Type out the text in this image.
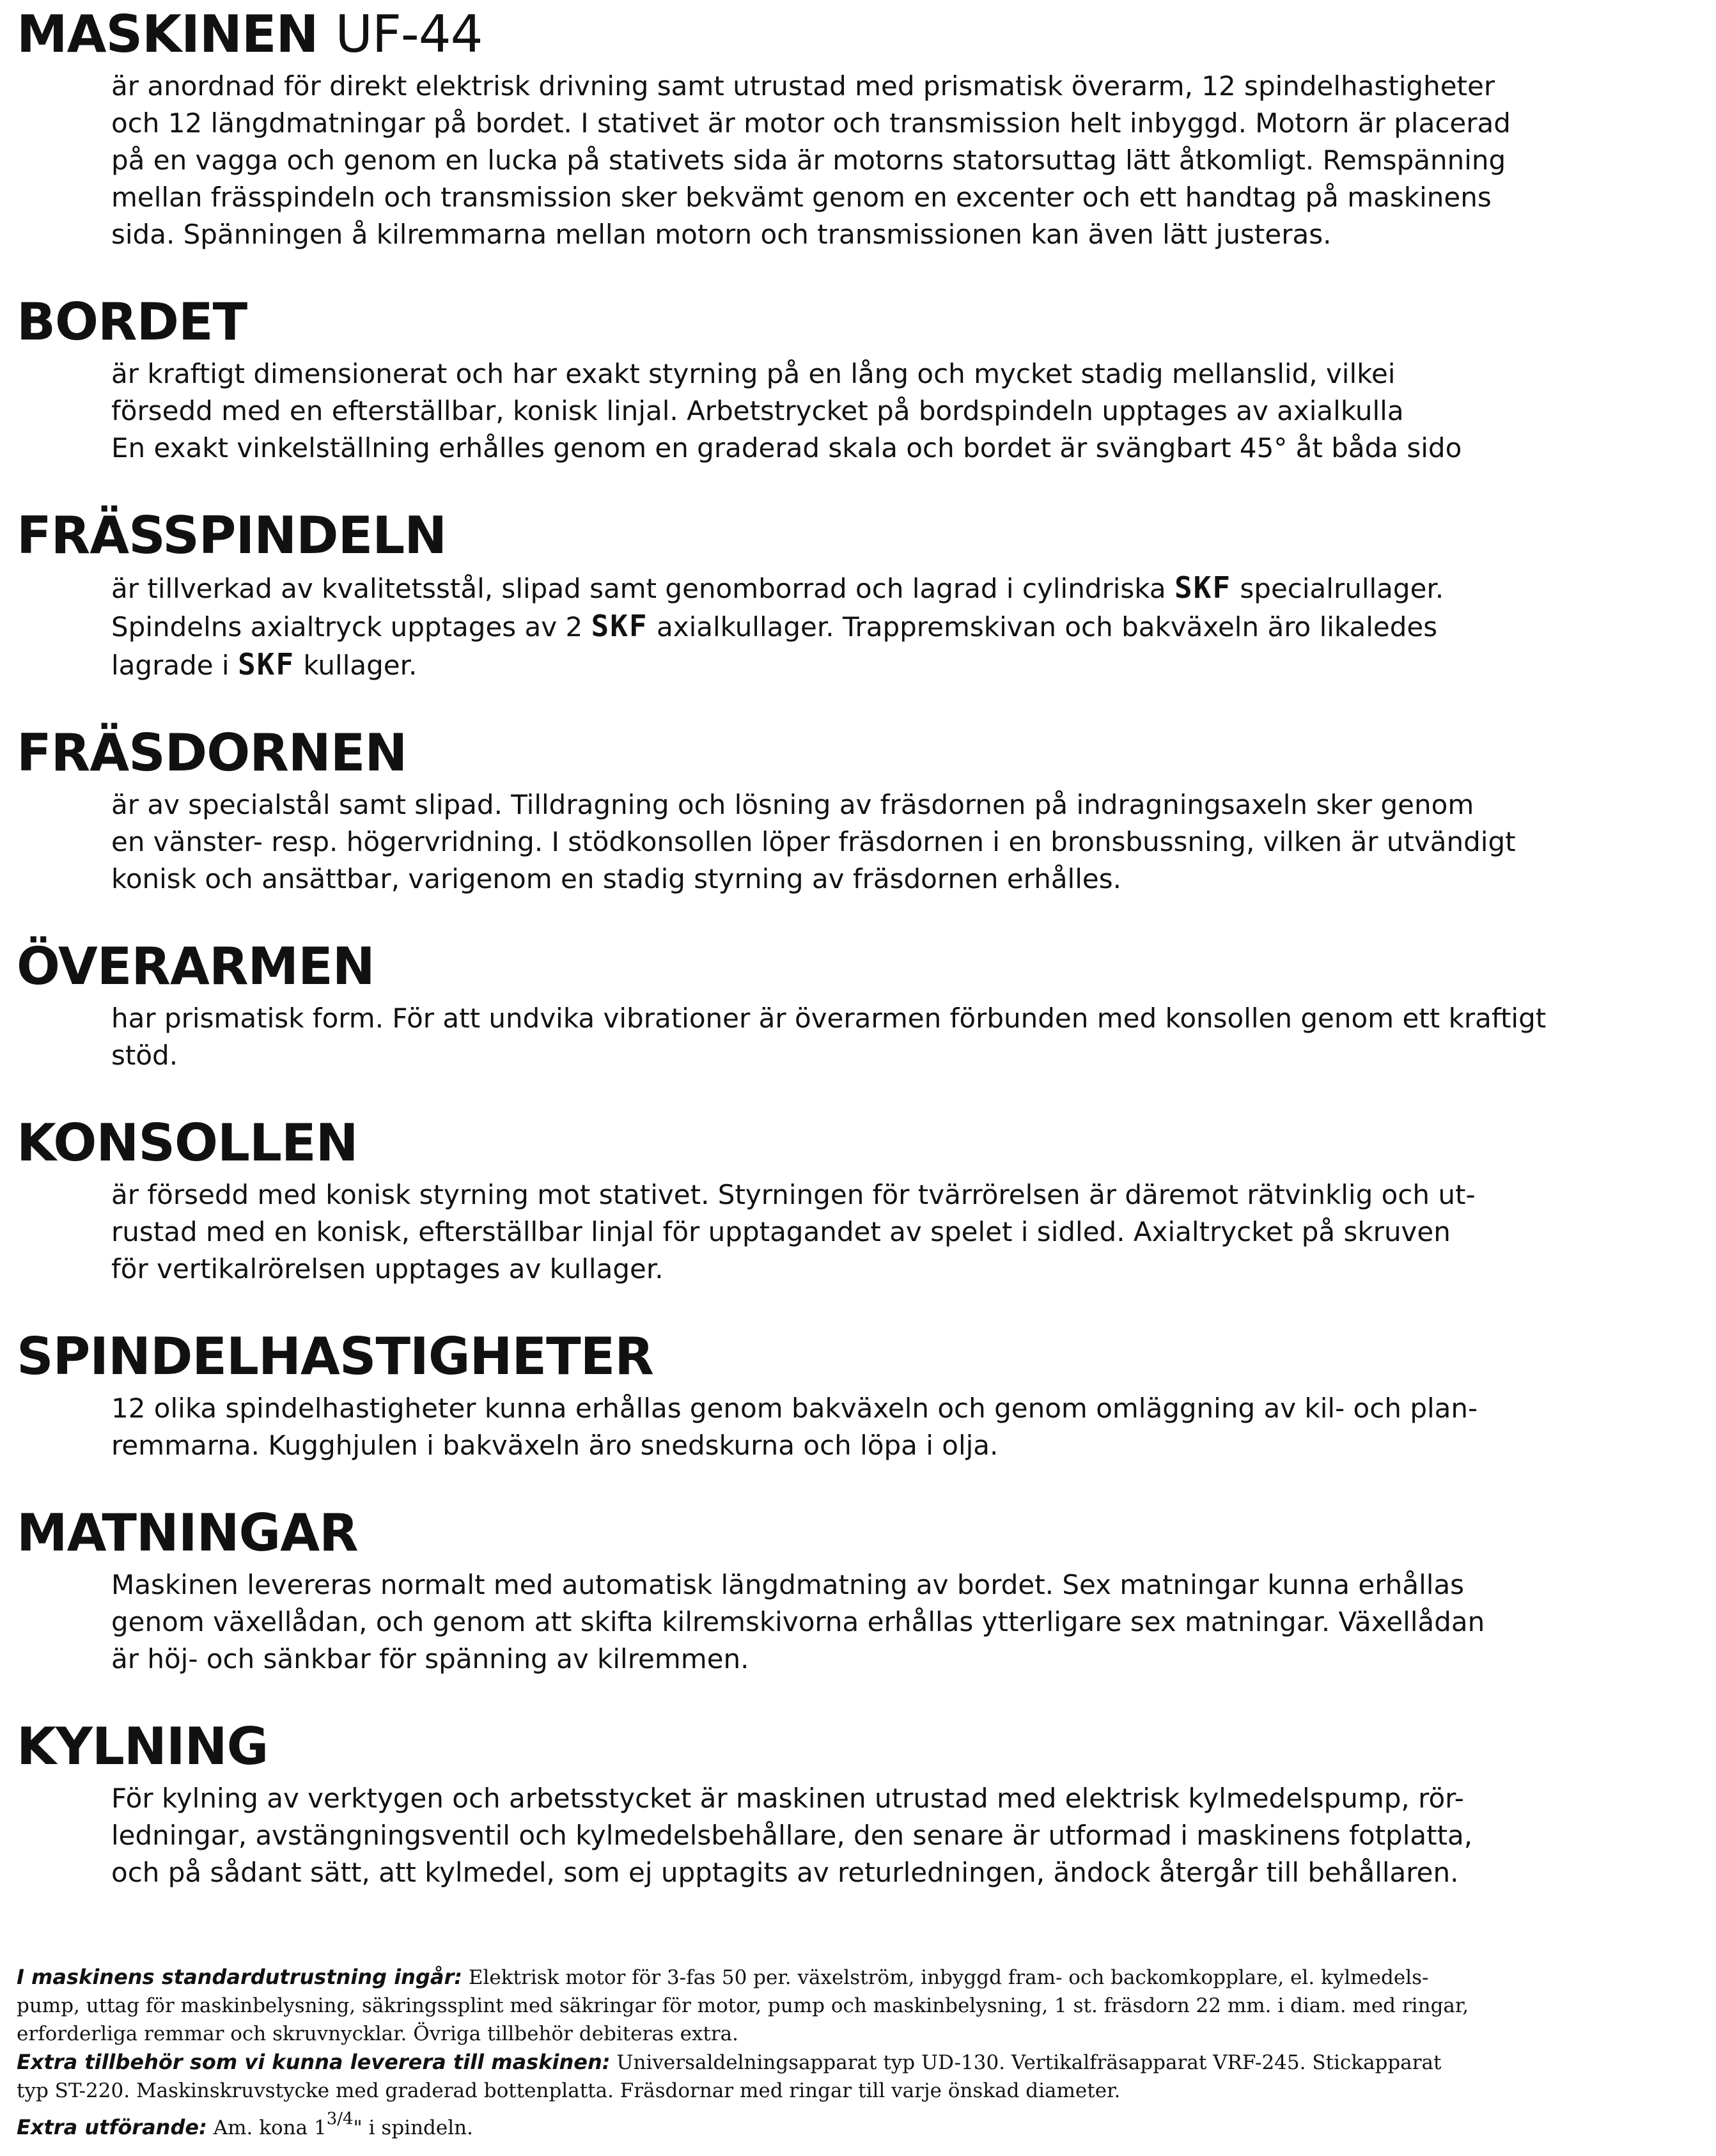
MASKINEN UF-44
är anordnad för direkt elektrisk drivning samt utrustad med prismatisk överarm, 12 spindelhastigheter
och 12 längdmatningar på bordet. I stativet är motor och transmission helt inbyggd. Motorn är placerad
på en vagga och genom en lucka på stativets sida är motorns statorsuttag lätt åtkomligt. Remspänning
mellan frässpindeln och transmission sker bekvämt genom en excenter och ett handtag på maskinens
sida. Spänningen å kilremmarna mellan motorn och transmissionen kan även lätt justeras.
BORDET
är kraftigt dimensionerat och har exakt styrning på en lång och mycket stadig mellanslid, vilkei
försedd med en efterställbar, konisk linjal. Arbetstrycket på bordspindeln upptages av axialkulla
En exakt vinkelställning erhålles genom en graderad skala och bordet är svängbart 45° åt båda sido
FRÄSSPINDELN
är tillverkad av kvalitetsstål, slipad samt genomborrad och lagrad i cylindriska SKF specialrullager.
Spindelns axialtryck upptages av 2 SKF axialkullager. Trappremskivan och bakväxeln äro likaledes
lagrade i SKF kullager.
FRÄSDORNEN
är av specialstål samt slipad. Tilldragning och lösning av fräsdornen på indragningsaxeln sker genom
en vänster- resp. högervridning. I stödkonsollen löper fräsdornen i en bronsbussning, vilken är utvändigt
konisk och ansättbar, varigenom en stadig styrning av fräsdornen erhålles.
ÖVERARMEN
har prismatisk form. För att undvika vibrationer är överarmen förbunden med konsollen genom ett kraftigt
stöd.
KONSOLLEN
är försedd med konisk styrning mot stativet. Styrningen för tvärrörelsen är däremot rätvinklig och ut-
rustad med en konisk, efterställbar linjal för upptagandet av spelet i sidled. Axialtrycket på skruven
för vertikalrörelsen upptages av kullager.
SPINDELHASTIGHETER
12 olika spindelhastigheter kunna erhållas genom bakväxeln och genom omläggning av kil- och plan-
remmarna. Kugghjulen i bakväxeln äro snedskurna och löpa i olja.
MATNINGAR
Maskinen levereras normalt med automatisk längdmatning av bordet. Sex matningar kunna erhållas
genom växellådan, och genom att skifta kilremskivorna erhållas ytterligare sex matningar. Växellådan
är höj- och sänkbar för spänning av kilremmen.
KYLNING
För kylning av verktygen och arbetsstycket är maskinen utrustad med elektrisk kylmedelspump, rör-
ledningar, avstängningsventil och kylmedelsbehållare, den senare är utformad i maskinens fotplatta,
och på sådant sätt, att kylmedel, som ej upptagits av returledningen, ändock återgår till behållaren.
I maskinens standardutrustning ingår: Elektrisk motor för 3-fas 50 per. växelström, inbyggd fram- och backomkopplare, el. kylmedels-
pump, uttag för maskinbelysning, säkringssplint med säkringar för motor, pump och maskinbelysning, 1 st. fräsdorn 22 mm. i diam. med ringar,
erforderliga remmar och skruvnycklar. Övriga tillbehör debiteras extra.
Extra tillbehör som vi kunna leverera till maskinen: Universaldelningsapparat typ UD-130. Vertikalfräsapparat VRF-245. Stickapparat
typ ST-220. Maskinskruvstycke med graderad bottenplatta. Fräsdornar med ringar till varje önskad diameter.
Extra utförande: Am. kona $1^{3/4}$" i spindeln.
